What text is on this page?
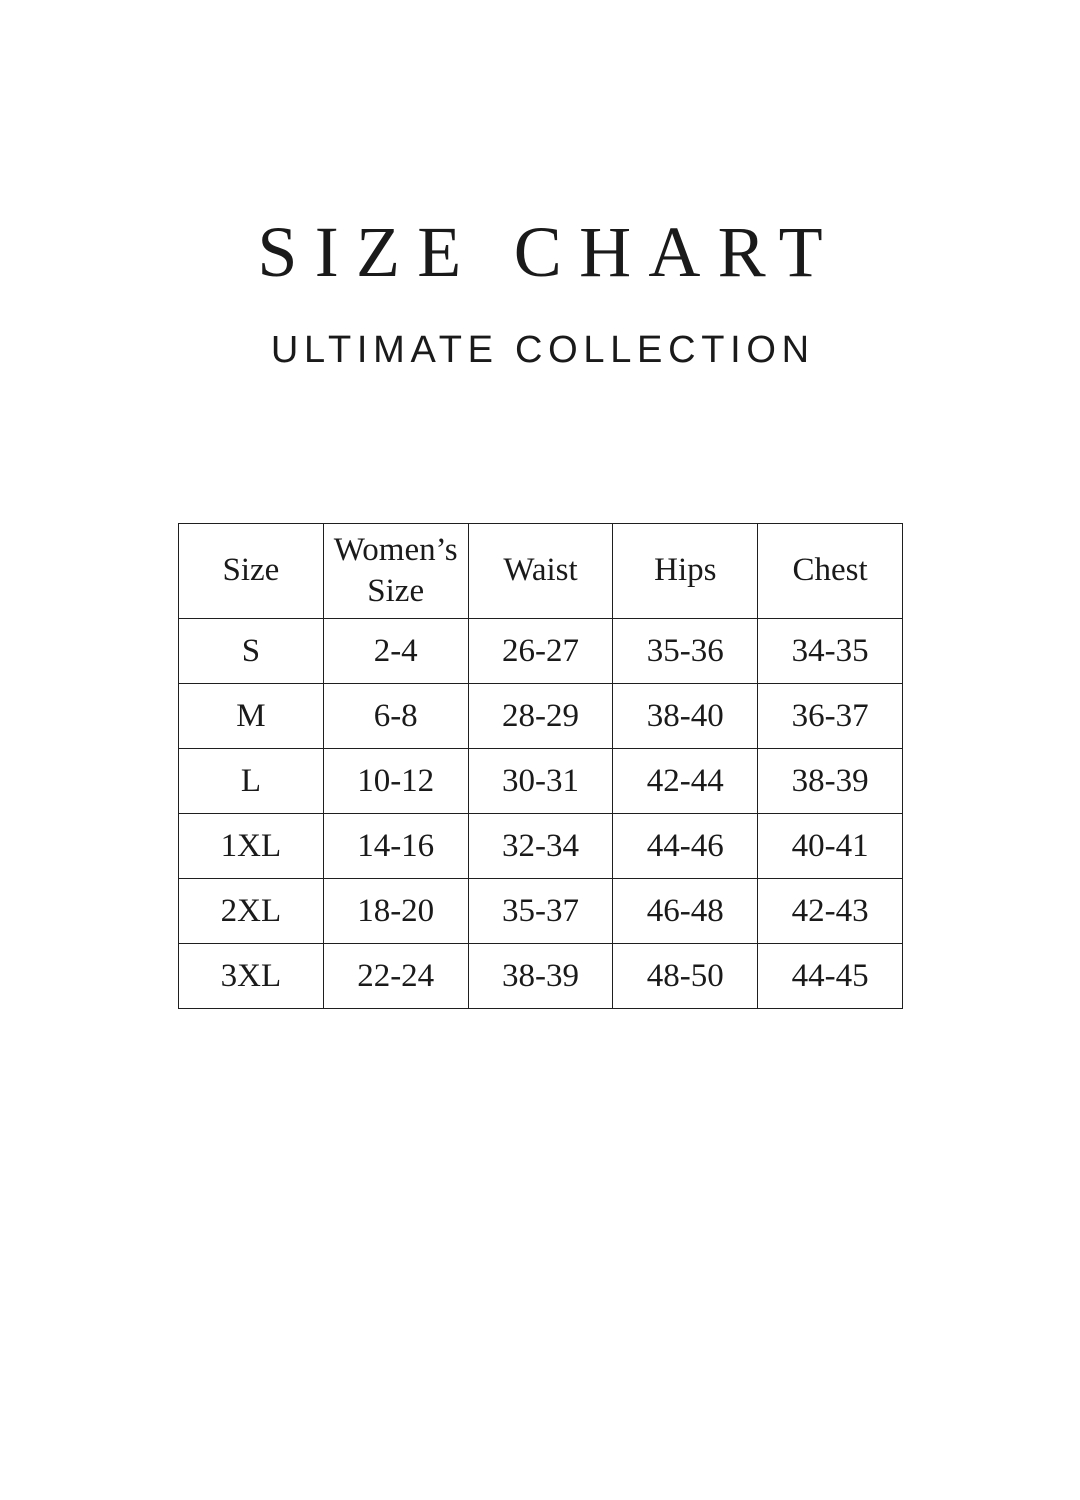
SIZE CHART
ULTIMATE COLLECTION
Size	Women’s Size	Waist	Hips	Chest
S	2-4	26-27	35-36	34-35
M	6-8	28-29	38-40	36-37
L	10-12	30-31	42-44	38-39
1XL	14-16	32-34	44-46	40-41
2XL	18-20	35-37	46-48	42-43
3XL	22-24	38-39	48-50	44-45
